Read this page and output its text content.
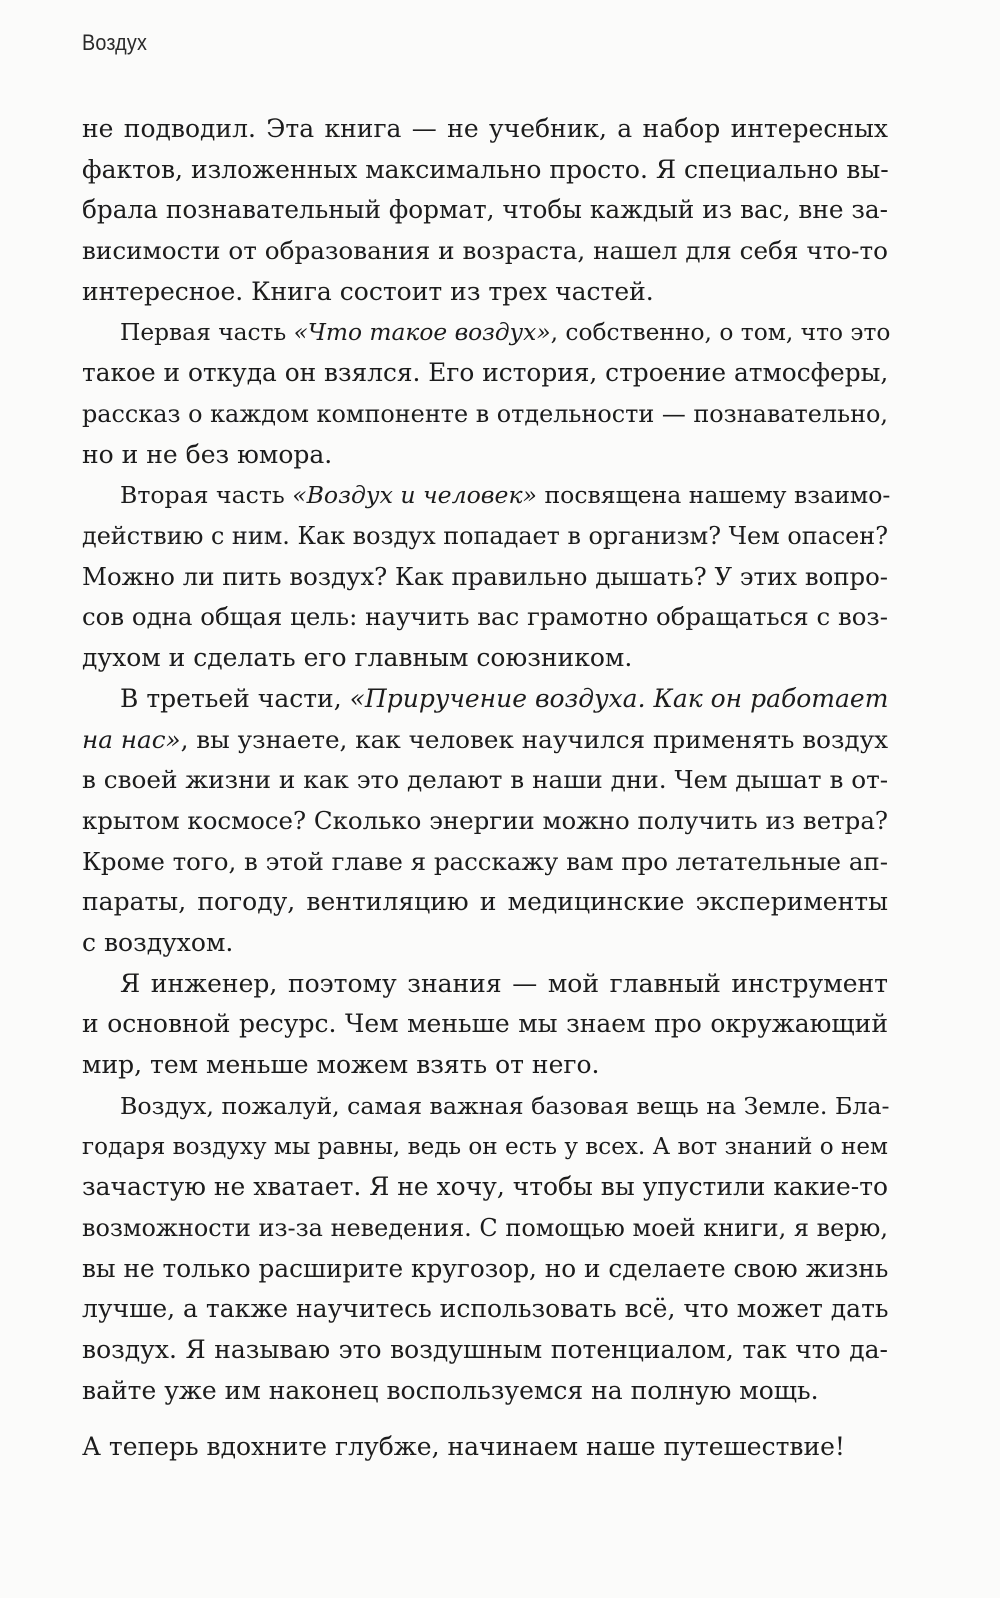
Воздух
не подводил. Эта книга — не учебник, а набор интересных
фактов, изложенных максимально просто. Я специально вы-
брала познавательный формат, чтобы каждый из вас, вне за-
висимости от образования и возраста, нашел для себя что-то
интересное. Книга состоит из трех частей.
Первая часть «Что такое воздух», собственно, о том, что это
такое и откуда он взялся. Его история, строение атмосферы,
рассказ о каждом компоненте в отдельности — познавательно,
но и не без юмора.
Вторая часть «Воздух и человек» посвящена нашему взаимо-
действию с ним. Как воздух попадает в организм? Чем опасен?
Можно ли пить воздух? Как правильно дышать? У этих вопро-
сов одна общая цель: научить вас грамотно обращаться с воз-
духом и сделать его главным союзником.
В третьей части, «Приручение воздуха. Как он работает
на нас», вы узнаете, как человек научился применять воздух
в своей жизни и как это делают в наши дни. Чем дышат в от-
крытом космосе? Сколько энергии можно получить из ветра?
Кроме того, в этой главе я расскажу вам про летательные ап-
параты, погоду, вентиляцию и медицинские эксперименты
с воздухом.
Я инженер, поэтому знания — мой главный инструмент
и основной ресурс. Чем меньше мы знаем про окружающий
мир, тем меньше можем взять от него.
Воздух, пожалуй, самая важная базовая вещь на Земле. Бла-
годаря воздуху мы равны, ведь он есть у всех. А вот знаний о нем
зачастую не хватает. Я не хочу, чтобы вы упустили какие-то
возможности из-за неведения. С помощью моей книги, я верю,
вы не только расширите кругозор, но и сделаете свою жизнь
лучше, а также научитесь использовать всё, что может дать
воздух. Я называю это воздушным потенциалом, так что да-
вайте уже им наконец воспользуемся на полную мощь.
А теперь вдохните глубже, начинаем наше путешествие!
